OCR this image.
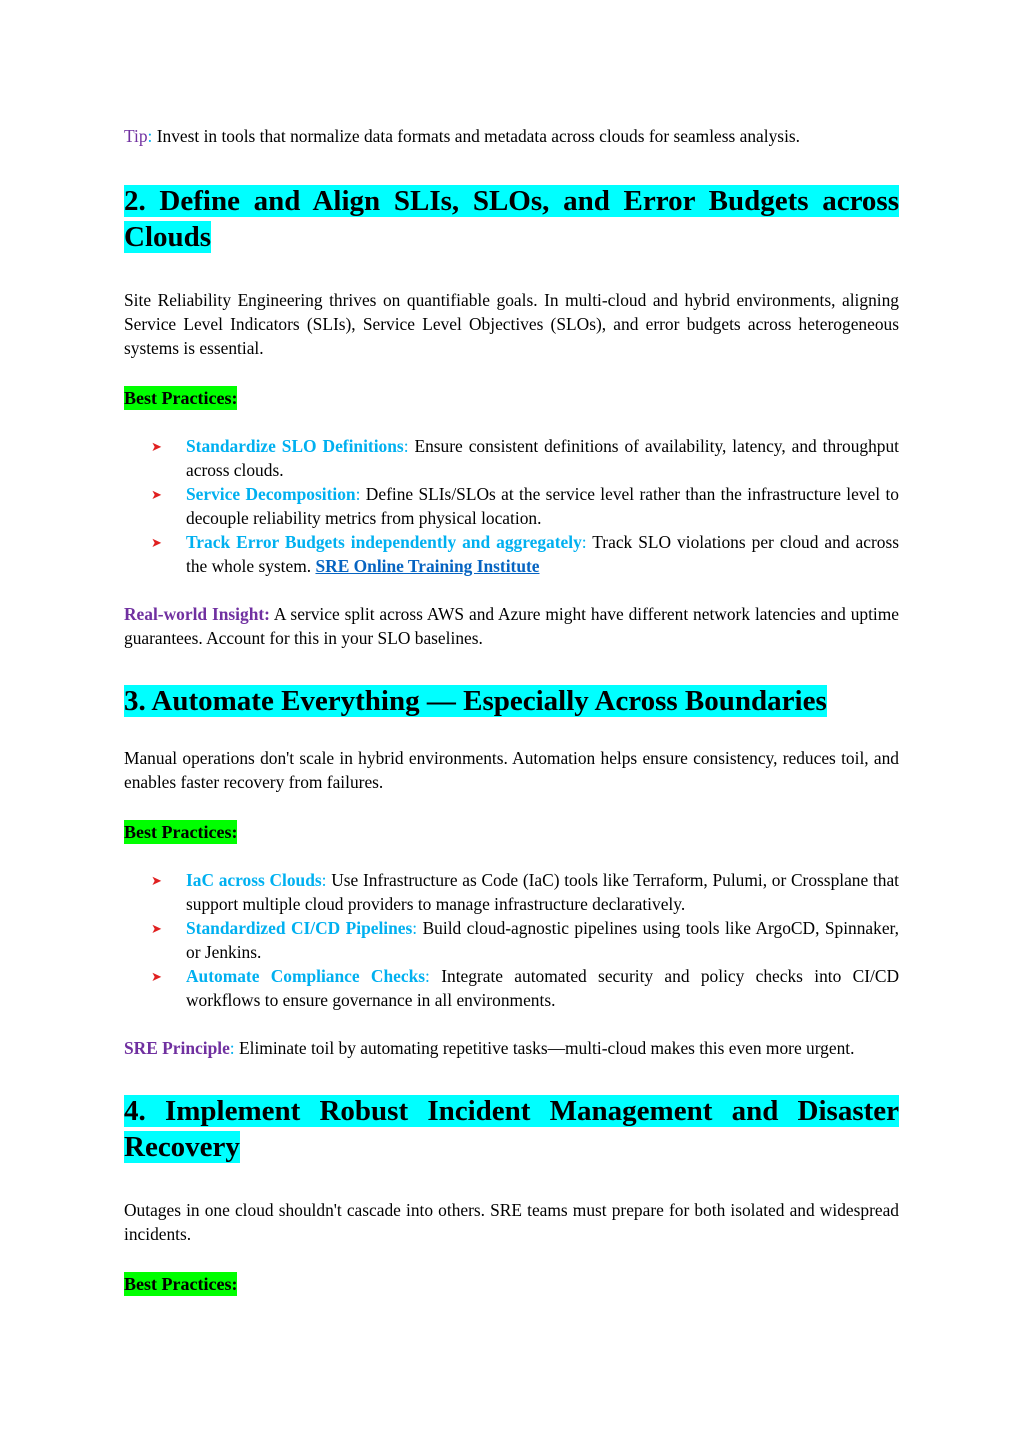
Tip: Invest in tools that normalize data formats and metadata across clouds for seamless analysis.

2. Define and Align SLIs, SLOs, and Error Budgets across Clouds

Site Reliability Engineering thrives on quantifiable goals. In multi-cloud and hybrid environments, aligning Service Level Indicators (SLIs), Service Level Objectives (SLOs), and error budgets across heterogeneous systems is essential.

Best Practices:
➤ Standardize SLO Definitions: Ensure consistent definitions of availability, latency, and throughput across clouds.
➤ Service Decomposition: Define SLIs/SLOs at the service level rather than the infrastructure level to decouple reliability metrics from physical location.
➤ Track Error Budgets independently and aggregately: Track SLO violations per cloud and across the whole system. SRE Online Training Institute

Real-world Insight: A service split across AWS and Azure might have different network latencies and uptime guarantees. Account for this in your SLO baselines.

3. Automate Everything — Especially Across Boundaries

Manual operations don't scale in hybrid environments. Automation helps ensure consistency, reduces toil, and enables faster recovery from failures.

Best Practices:
➤ IaC across Clouds: Use Infrastructure as Code (IaC) tools like Terraform, Pulumi, or Crossplane that support multiple cloud providers to manage infrastructure declaratively.
➤ Standardized CI/CD Pipelines: Build cloud-agnostic pipelines using tools like ArgoCD, Spinnaker, or Jenkins.
➤ Automate Compliance Checks: Integrate automated security and policy checks into CI/CD workflows to ensure governance in all environments.

SRE Principle: Eliminate toil by automating repetitive tasks—multi-cloud makes this even more urgent.

4. Implement Robust Incident Management and Disaster Recovery

Outages in one cloud shouldn't cascade into others. SRE teams must prepare for both isolated and widespread incidents.

Best Practices:
